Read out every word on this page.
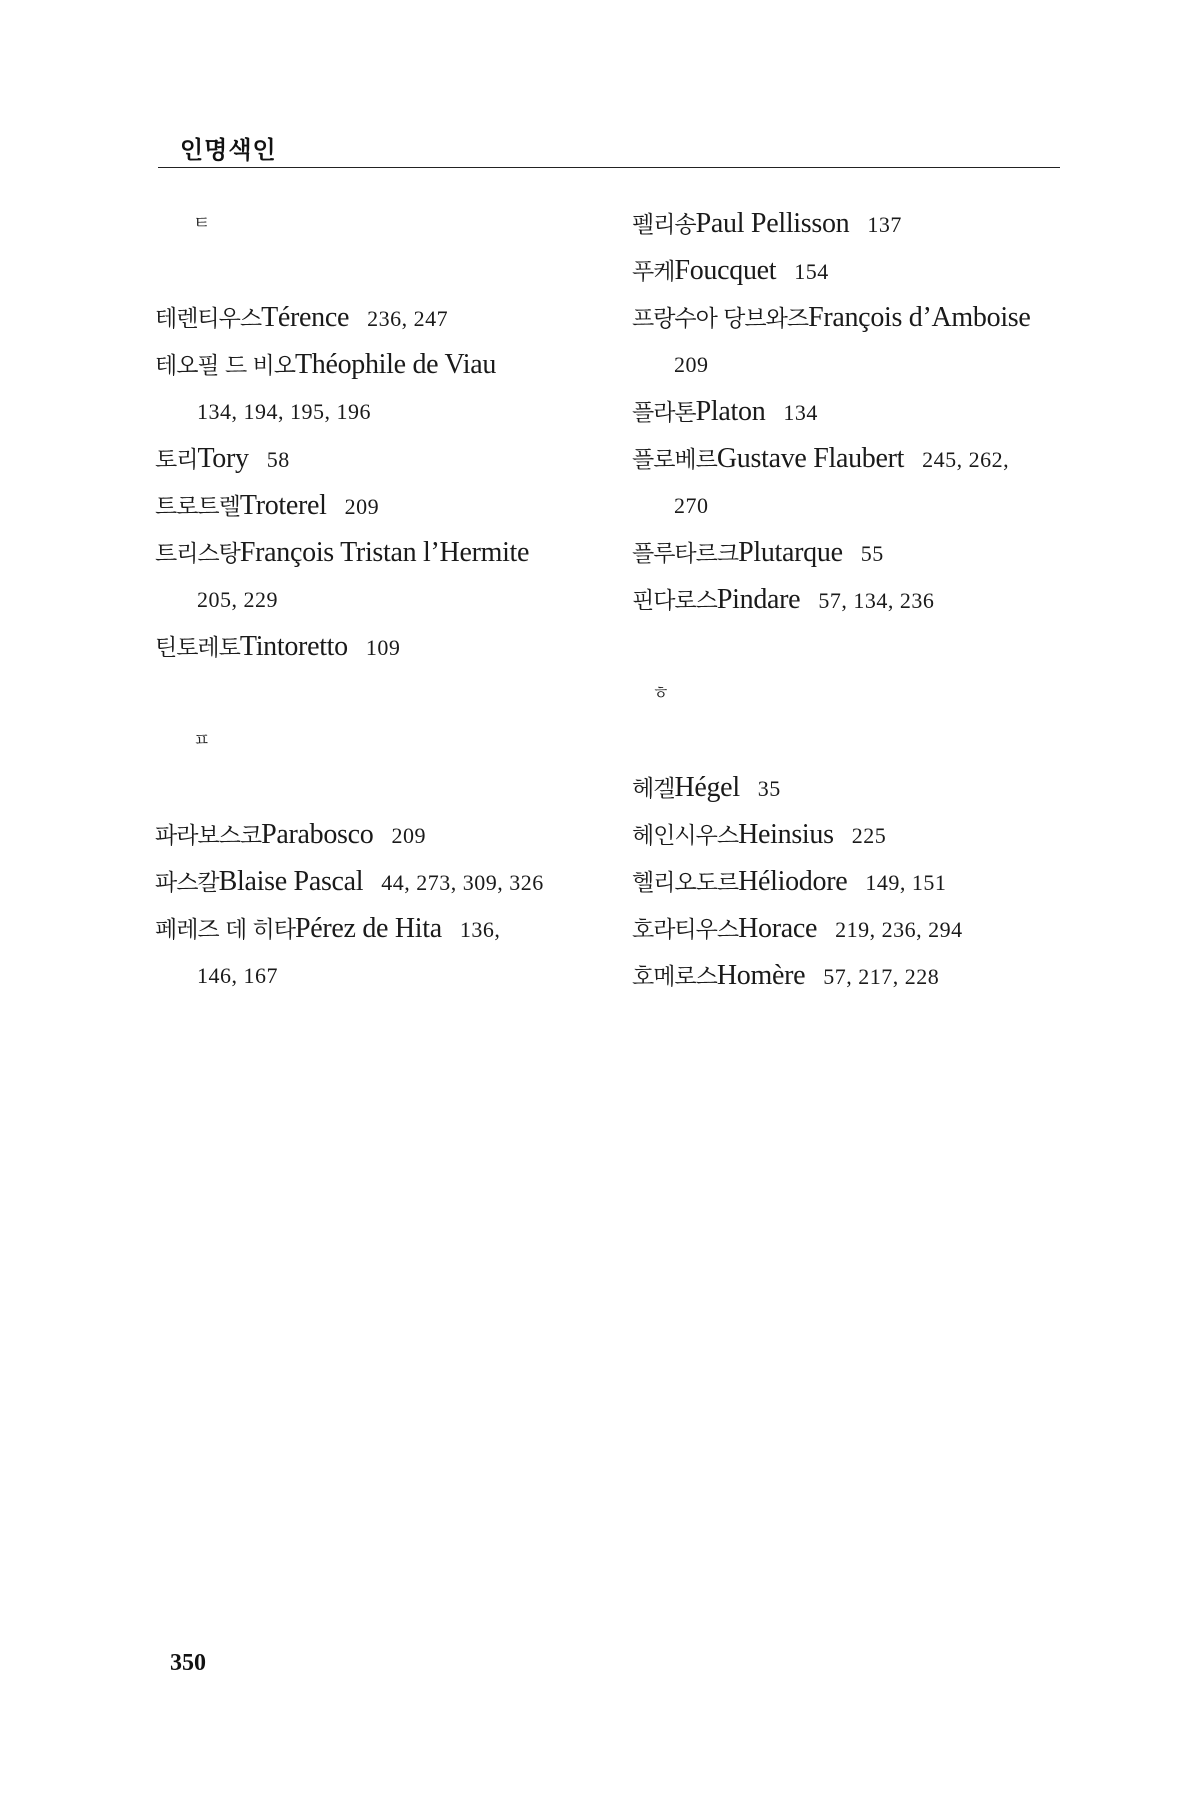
인명색인
ㅌ
테렌티우스Térence 236, 247
테오필 드 비오Théophile de Viau
134, 194, 195, 196
토리Tory 58
트로트렐Troterel 209
트리스탕François Tristan l’Hermite
205, 229
틴토레토Tintoretto 109
ㅍ
파라보스코Parabosco 209
파스칼Blaise Pascal 44, 273, 309, 326
페레즈 데 히타Pérez de Hita 136,
146, 167
펠리송Paul Pellisson 137
푸케Foucquet 154
프랑수아 당브와즈François d’Amboise
209
플라톤Platon 134
플로베르Gustave Flaubert 245, 262,
270
플루타르크Plutarque 55
핀다로스Pindare 57, 134, 236
ㅎ
헤겔Hégel 35
헤인시우스Heinsius 225
헬리오도르Héliodore 149, 151
호라티우스Horace 219, 236, 294
호메로스Homère 57, 217, 228
350
